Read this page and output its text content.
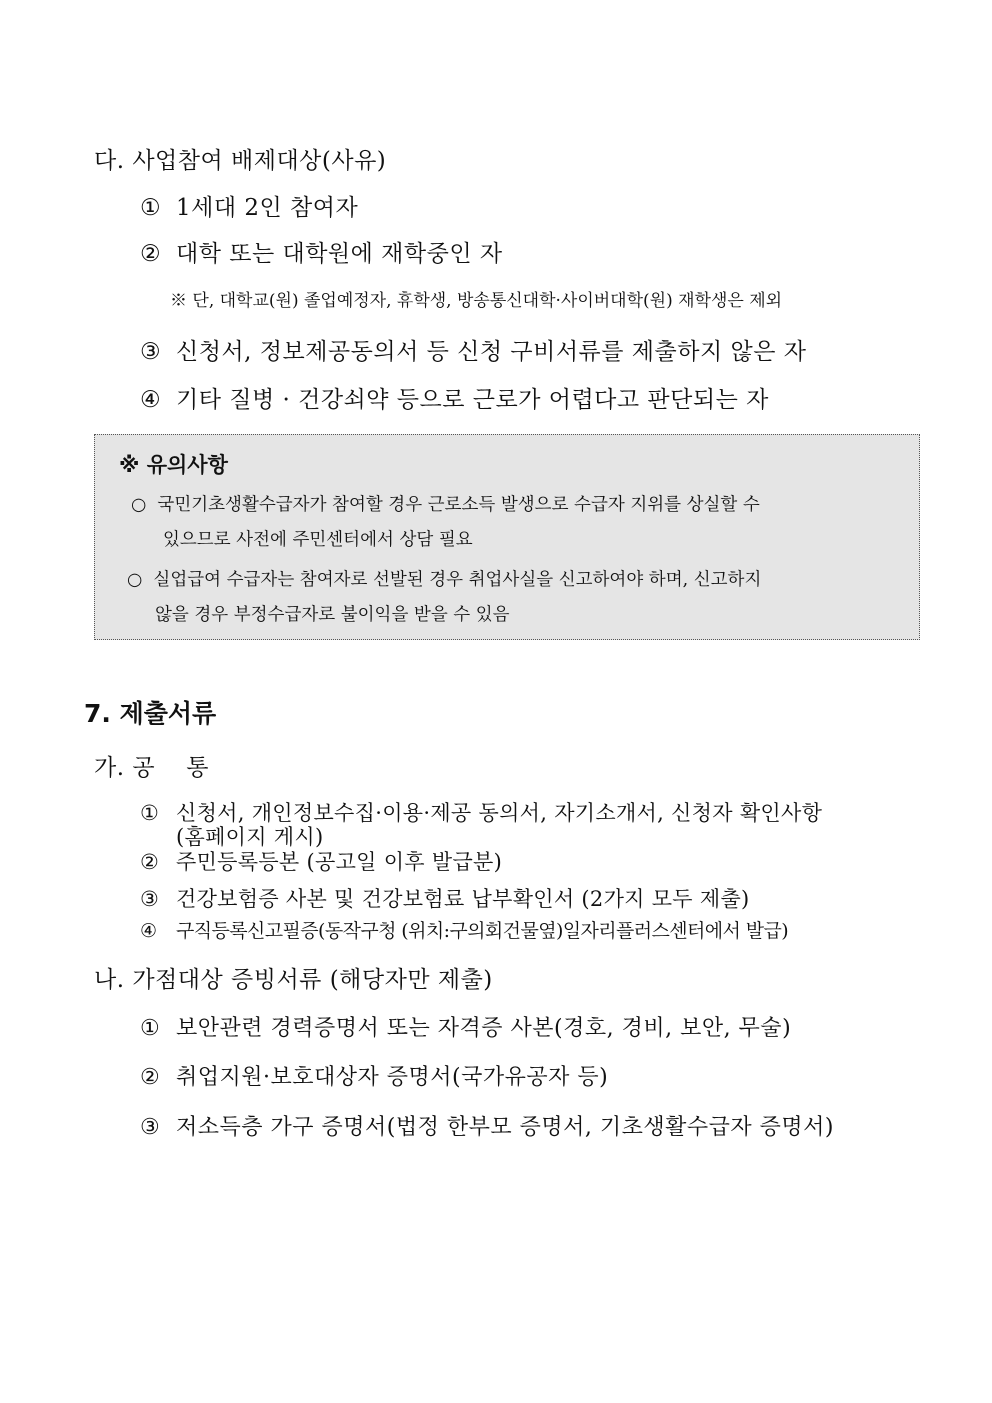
다. 사업참여 배제대상(사유)
① 1세대 2인 참여자
② 대학 또는 대학원에 재학중인 자
※ 단, 대학교(원) 졸업예정자, 휴학생, 방송통신대학·사이버대학(원) 재학생은 제외
③ 신청서, 정보제공동의서 등 신청 구비서류를 제출하지 않은 자
④ 기타 질병 · 건강쇠약 등으로 근로가 어렵다고 판단되는 자
※ 유의사항
○ 국민기초생활수급자가 참여할 경우 근로소득 발생으로 수급자 지위를 상실할 수
있으므로 사전에 주민센터에서 상담 필요
○ 실업급여 수급자는 참여자로 선발된 경우 취업사실을 신고하여야 하며, 신고하지
않을 경우 부정수급자로 불이익을 받을 수 있음
7. 제출서류
가. 공    통
① 신청서, 개인정보수집·이용·제공 동의서, 자기소개서, 신청자 확인사항
(홈페이지 게시)
② 주민등록등본 (공고일 이후 발급분)
③ 건강보험증 사본 및 건강보험료 납부확인서 (2가지 모두 제출)
④ 구직등록신고필증(동작구청 (위치:구의회건물옆)일자리플러스센터에서 발급)
나. 가점대상 증빙서류 (해당자만 제출)
① 보안관련 경력증명서 또는 자격증 사본(경호, 경비, 보안, 무술)
② 취업지원·보호대상자 증명서(국가유공자 등)
③ 저소득층 가구 증명서(법정 한부모 증명서, 기초생활수급자 증명서)
